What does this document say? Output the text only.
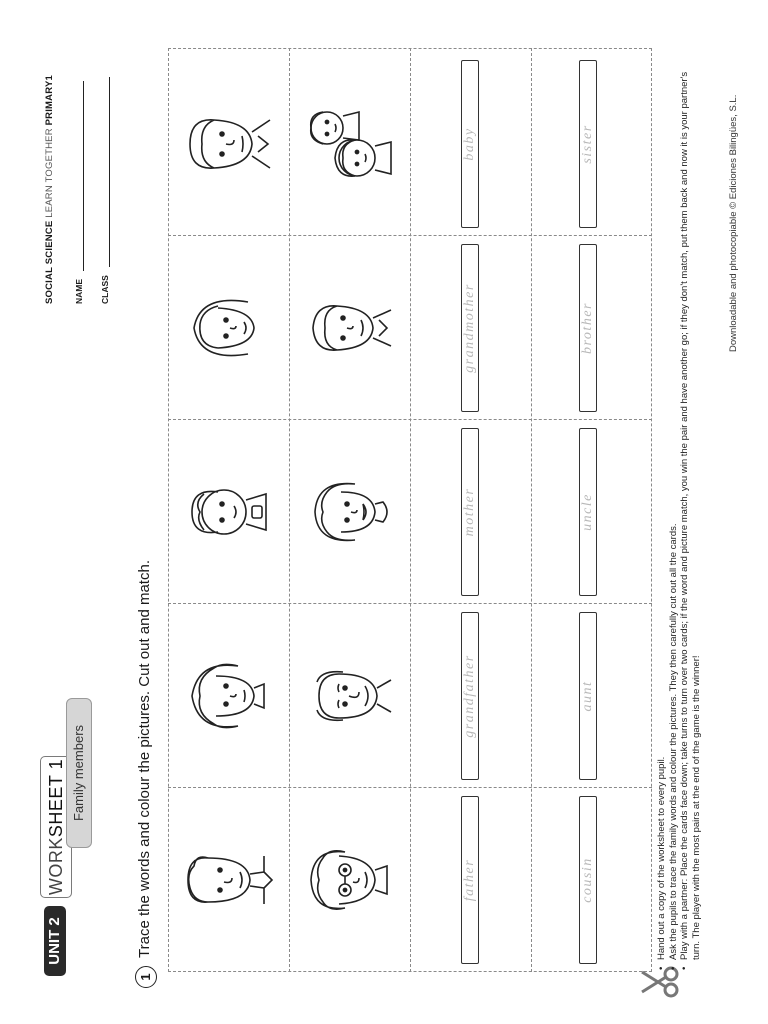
UNIT 2
WORKSHEET 1 Family members
SOCIAL SCIENCE LEARN TOGETHER PRIMARY1
NAME CLASS
1
Trace the words and colour the pictures. Cut out and match.	father
grandfather
mother
grandmother
baby
cousin
aunt
uncle
brother
sister
• Hand out a copy of the worksheet to every pupil. • Ask the pupils to trace the family words and colour the pictures. They then carefully cut out all the cards. • Play with a partner: Place the cards face down; take turns to turn over two cards; if the word and picture match, you win the pair and have another go; if they don't match, put them back and now it is your partner's turn. The player with the most pairs at the end of the game is the winner!
Downloadable and photocopiable © Ediciones Bilingües, S.L.
